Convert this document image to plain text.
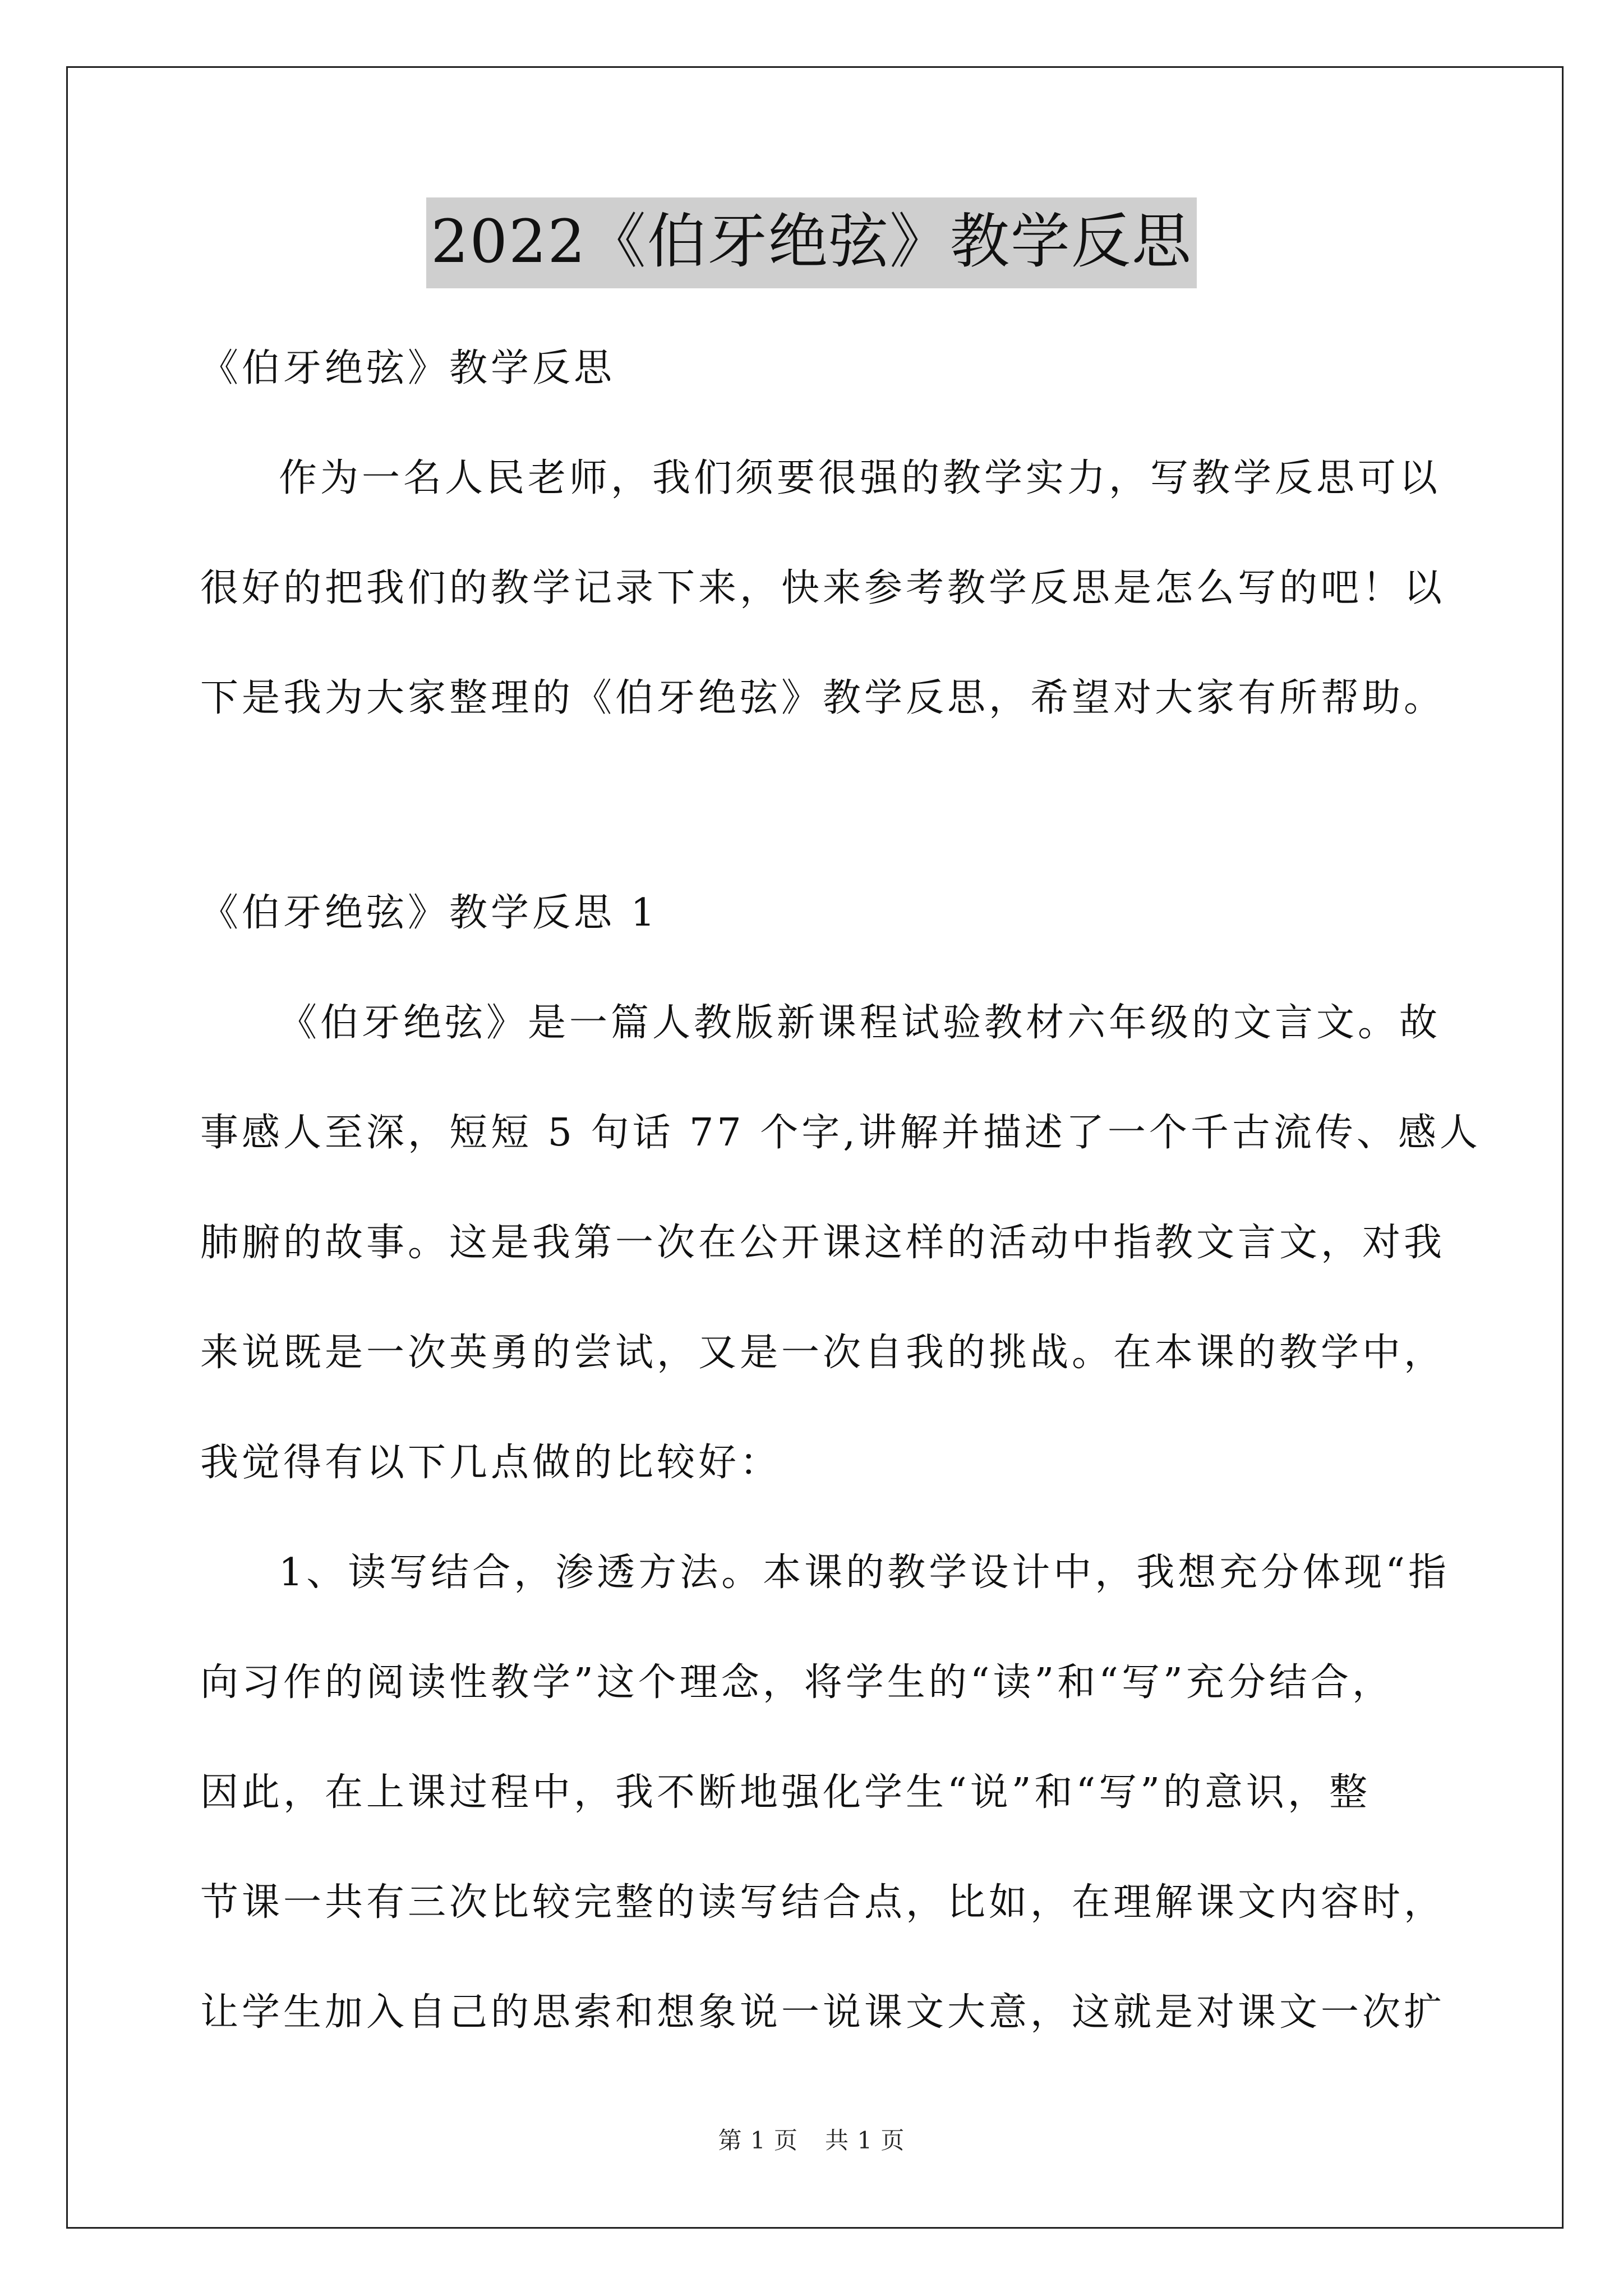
2022《伯牙绝弦》教学反思
《伯牙绝弦》教学反思
作为一名人民老师，我们须要很强的教学实力，写教学反思可以
很好的把我们的教学记录下来，快来参考教学反思是怎么写的吧！以
下是我为大家整理的《伯牙绝弦》教学反思，希望对大家有所帮助。
《伯牙绝弦》教学反思 1
《伯牙绝弦》是一篇人教版新课程试验教材六年级的文言文。故
事感人至深，短短 5 句话 77 个字,讲解并描述了一个千古流传、感人
肺腑的故事。这是我第一次在公开课这样的活动中指教文言文，对我
来说既是一次英勇的尝试，又是一次自我的挑战。在本课的教学中，
我觉得有以下几点做的比较好：
1、读写结合，渗透方法。本课的教学设计中，我想充分体现“指
向习作的阅读性教学”这个理念，将学生的“读”和“写”充分结合，
因此，在上课过程中，我不断地强化学生“说”和“写”的意识，整
节课一共有三次比较完整的读写结合点，比如，在理解课文内容时，
让学生加入自己的思索和想象说一说课文大意，这就是对课文一次扩
第 1 页 共 1 页
